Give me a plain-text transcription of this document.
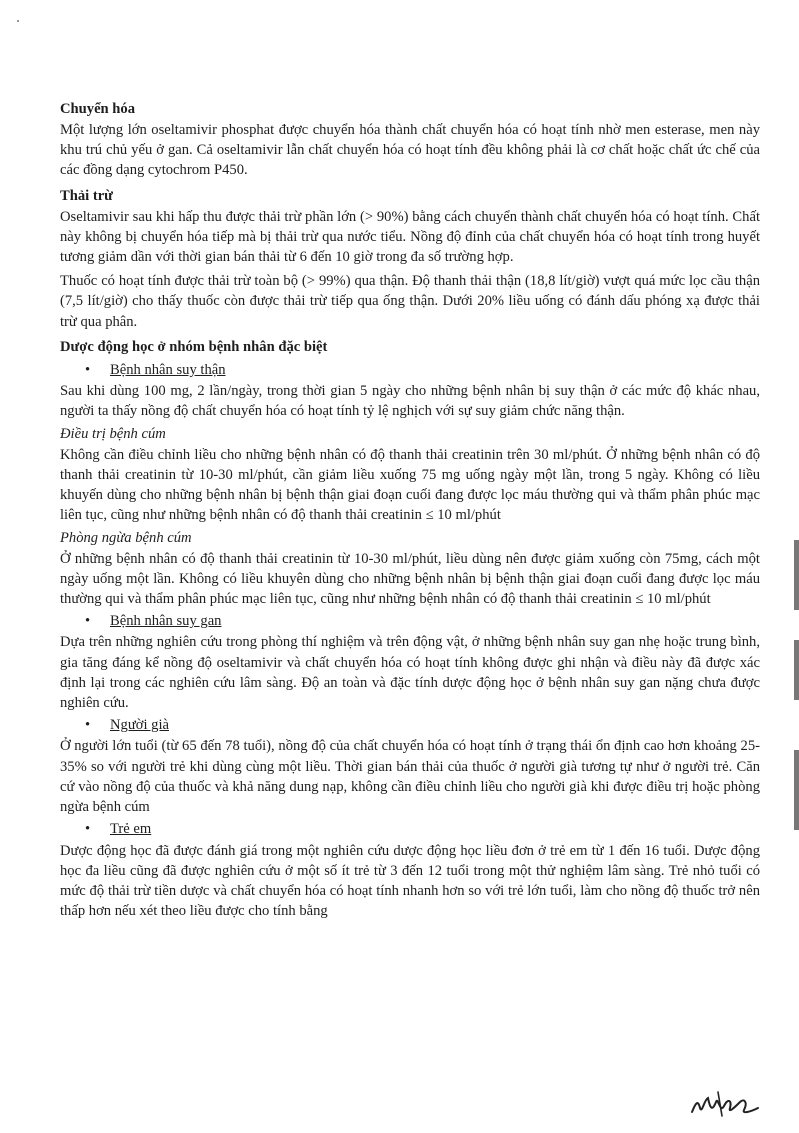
Chuyển hóa

Một lượng lớn oseltamivir phosphat được chuyển hóa thành chất chuyển hóa có hoạt tính nhờ men esterase, men này khu trú chủ yếu ở gan. Cả oseltamivir lẫn chất chuyển hóa có hoạt tính đều không phải là cơ chất hoặc chất ức chế của các đồng dạng cytochrom P450.

Thải trừ

Oseltamivir sau khi hấp thu được thải trừ phần lớn (> 90%) bằng cách chuyển thành chất chuyển hóa có hoạt tính. Chất này không bị chuyển hóa tiếp mà bị thải trừ qua nước tiểu. Nồng độ đỉnh của chất chuyển hóa có hoạt tính trong huyết tương giảm dần với thời gian bán thải từ 6 đến 10 giờ trong đa số trường hợp.

Thuốc có hoạt tính được thải trừ toàn bộ (> 99%) qua thận. Độ thanh thải thận (18,8 lít/giờ) vượt quá mức lọc cầu thận (7,5 lít/giờ) cho thấy thuốc còn được thải trừ tiếp qua ống thận. Dưới 20% liều uống có đánh dấu phóng xạ được thải trừ qua phân.

Dược động học ở nhóm bệnh nhân đặc biệt
• Bệnh nhân suy thận

Sau khi dùng 100 mg, 2 lần/ngày, trong thời gian 5 ngày cho những bệnh nhân bị suy thận ở các mức độ khác nhau, người ta thấy nồng độ chất chuyển hóa có hoạt tính tỷ lệ nghịch với sự suy giảm chức năng thận.

Điều trị bệnh cúm

Không cần điều chỉnh liều cho những bệnh nhân có độ thanh thải creatinin trên 30 ml/phút. Ở những bệnh nhân có độ thanh thải creatinin từ 10-30 ml/phút, cần giảm liều xuống 75 mg uống ngày một lần, trong 5 ngày. Không có liều khuyến dùng cho những bệnh nhân bị bệnh thận giai đoạn cuối đang được lọc máu thường qui và thẩm phân phúc mạc liên tục, cũng như những bệnh nhân có độ thanh thải creatinin ≤ 10 ml/phút

Phòng ngừa bệnh cúm

Ở những bệnh nhân có độ thanh thải creatinin từ 10-30 ml/phút, liều dùng nên được giảm xuống còn 75mg, cách một ngày uống một lần. Không có liều khuyên dùng cho những bệnh nhân bị bệnh thận giai đoạn cuối đang được lọc máu thường qui và thẩm phân phúc mạc liên tục, cũng như những bệnh nhân có độ thanh thải creatinin ≤ 10 ml/phút

• Bệnh nhân suy gan

Dựa trên những nghiên cứu trong phòng thí nghiệm và trên động vật, ở những bệnh nhân suy gan nhẹ hoặc trung bình, gia tăng đáng kể nồng độ oseltamivir và chất chuyển hóa có hoạt tính không được ghi nhận và điều này đã được xác định lại trong các nghiên cứu lâm sàng. Độ an toàn và đặc tính dược động học ở bệnh nhân suy gan nặng chưa được nghiên cứu.

• Người già

Ở người lớn tuổi (từ 65 đến 78 tuổi), nồng độ của chất chuyển hóa có hoạt tính ở trạng thái ổn định cao hơn khoảng 25-35% so với người trẻ khi dùng cùng một liều. Thời gian bán thải của thuốc ở người già tương tự như ở người trẻ. Căn cứ vào nồng độ của thuốc và khả năng dung nạp, không cần điều chỉnh liều cho người già khi được điều trị hoặc phòng ngừa bệnh cúm

• Trẻ em

Dược động học đã được đánh giá trong một nghiên cứu dược động học liều đơn ở trẻ em từ 1 đến 16 tuổi. Dược động học đa liều cũng đã được nghiên cứu ở một số ít trẻ từ 3 đến 12 tuổi trong một thử nghiệm lâm sàng. Trẻ nhỏ tuổi có mức độ thải trừ tiền dược và chất chuyển hóa có hoạt tính nhanh hơn so với trẻ lớn tuổi, làm cho nồng độ thuốc trở nên thấp hơn nếu xét theo liều được cho tính bằng
